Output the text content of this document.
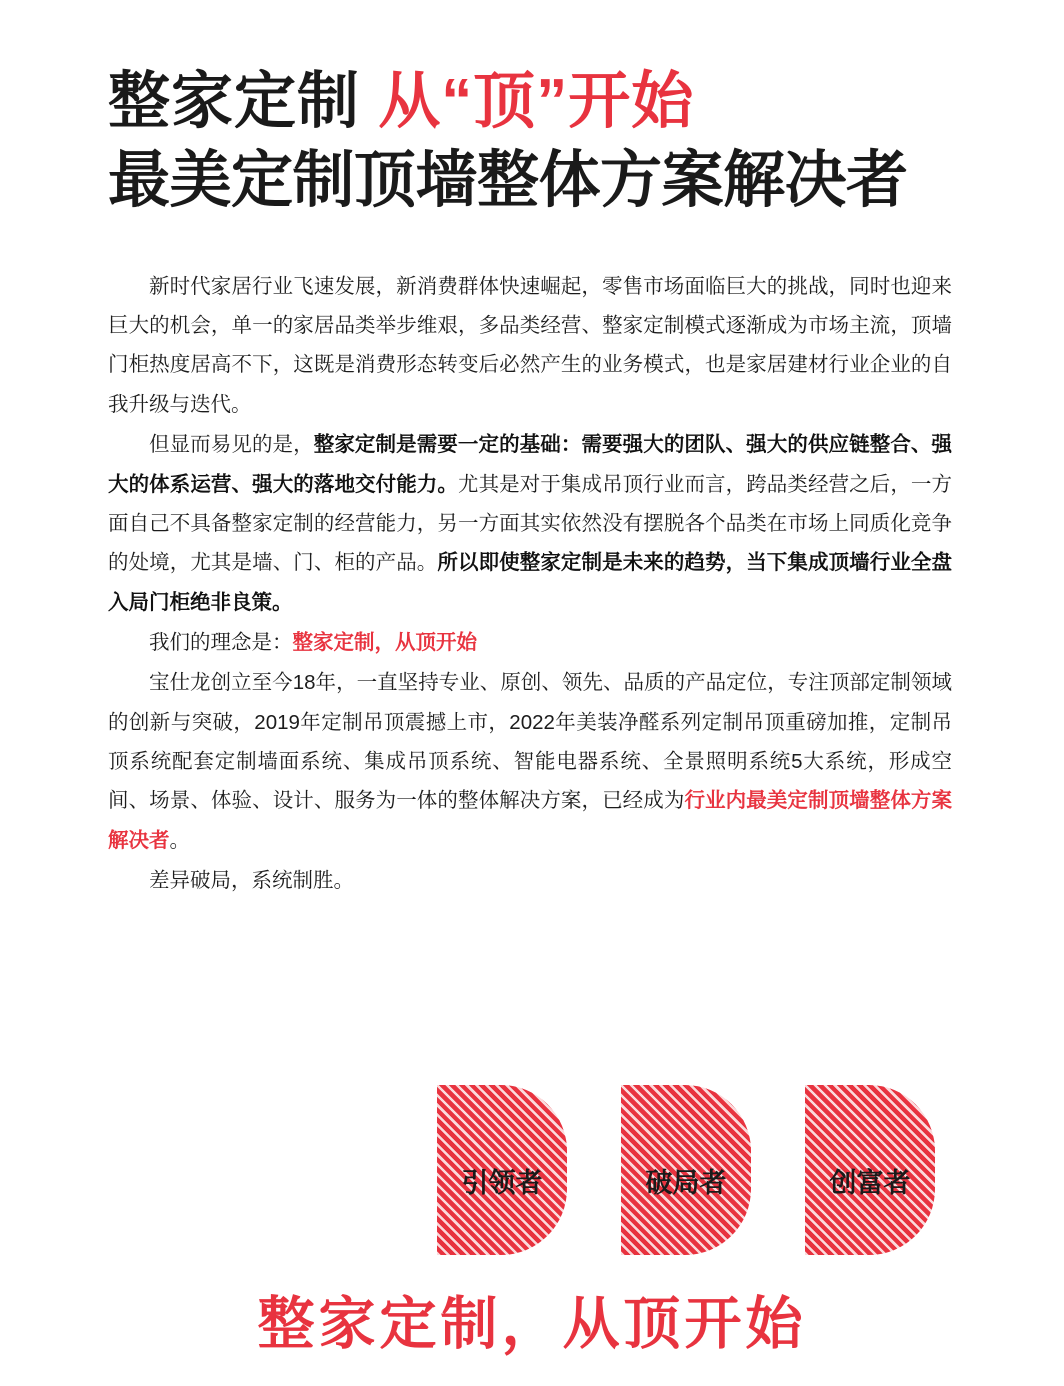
整家定制 从“顶”开始
最美定制顶墙整体方案解决者

新时代家居行业飞速发展，新消费群体快速崛起，零售市场面临巨大的挑战，同时也迎来巨大的机会，单一的家居品类举步维艰，多品类经营、整家定制模式逐渐成为市场主流，顶墙门柜热度居高不下，这既是消费形态转变后必然产生的业务模式，也是家居建材行业企业的自我升级与迭代。

但显而易见的是，整家定制是需要一定的基础：需要强大的团队、强大的供应链整合、强大的体系运营、强大的落地交付能力。尤其是对于集成吊顶行业而言，跨品类经营之后，一方面自己不具备整家定制的经营能力，另一方面其实依然没有摆脱各个品类在市场上同质化竞争的处境，尤其是墙、门、柜的产品。所以即使整家定制是未来的趋势，当下集成顶墙行业全盘入局门柜绝非良策。

我们的理念是：整家定制，从顶开始

宝仕龙创立至今18年，一直坚持专业、原创、领先、品质的产品定位，专注顶部定制领域的创新与突破，2019年定制吊顶震撼上市，2022年美装净醛系列定制吊顶重磅加推，定制吊顶系统配套定制墙面系统、集成吊顶系统、智能电器系统、全景照明系统5大系统，形成空间、场景、体验、设计、服务为一体的整体解决方案，已经成为行业内最美定制顶墙整体方案解决者。

差异破局，系统制胜。

引领者	破局者	创富者
整家定制，从顶开始
